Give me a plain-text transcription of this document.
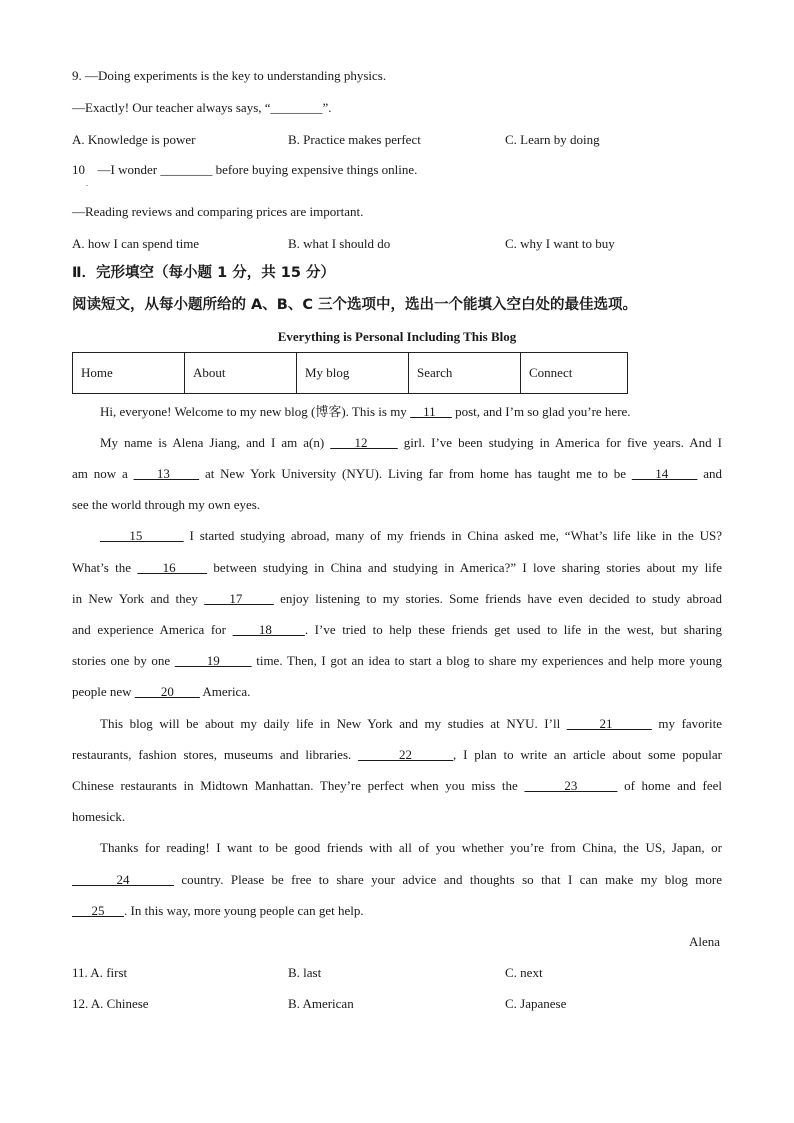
9. —Doing experiments is the key to understanding physics.
—Exactly! Our teacher always says, “________”.
A. Knowledge is power	B. Practice makes perfect	C. Learn by doing
10 —I wonder ________ before buying expensive things online.
.
—Reading reviews and comparing prices are important.
A. how I can spend time	B. what I should do	C. why I want to buy
Ⅱ．完形填空（每小题 1 分，共 15 分）
阅读短文，从每小题所给的 A、B、C 三个选项中，选出一个能填入空白处的最佳选项。
Everything is Personal Including This Blog
Home	About	My blog	Search	Connect
Hi, everyone! Welcome to my new blog (博客). This is my     11      post, and I’m so glad you’re here.
My name is Alena Jiang, and I am a(n)     12      girl. I’ve been studying in America for five years. And I
am now a     13      at New York University (NYU). Living far from home has taught me to be     14      and
see the world through my own eyes.
15        I started studying abroad, many of my friends in China asked me, “What’s life like in the US?
What’s the     16      between studying in China and studying in America?” I love sharing stories about my life
in New York and they     17      enjoy listening to my stories. Some friends have even decided to study abroad
and experience America for     18     . I’ve tried to help these friends get used to life in the west, but sharing
stories one by one        19        time. Then, I got an idea to start a blog to share my experiences and help more young
people new         20         America.
This blog will be about my daily life in New York and my studies at NYU. I’ll      21       my favorite
restaurants, fashion stores, museums and libraries.       22      , I plan to write an article about some popular
Chinese restaurants in Midtown Manhattan. They’re perfect when you miss the       23       of home and feel
homesick.
Thanks for reading! I want to be good friends with all of you whether you’re from China, the US, Japan, or
24       country. Please be free to share your advice and thoughts so that I can make my blog more
25      . In this way, more young people can get help.
Alena
11. A. first	B. last	C. next
12. A. Chinese	B. American	C. Japanese
